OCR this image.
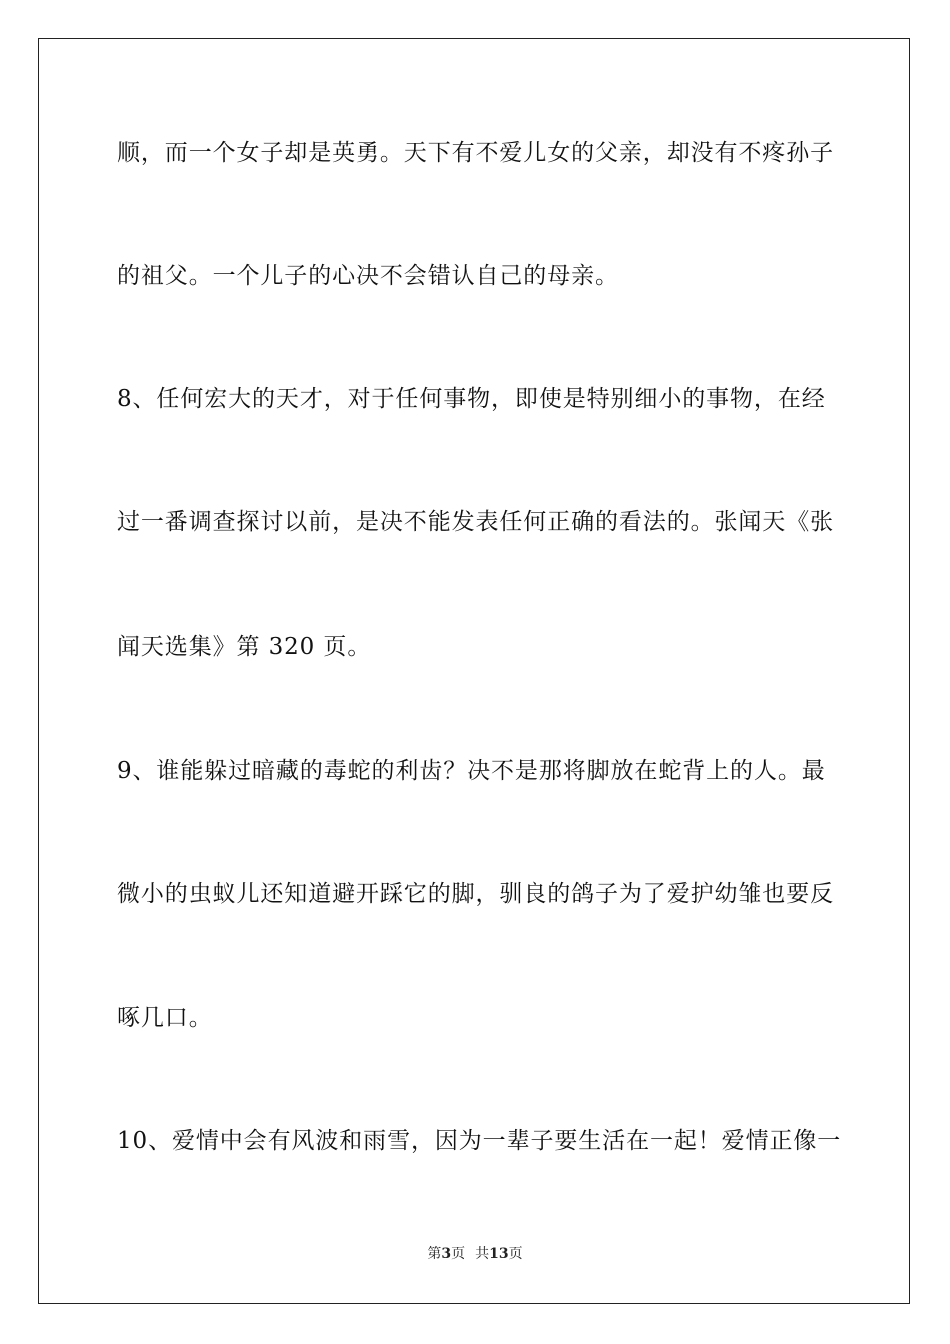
顺，而一个女子却是英勇。天下有不爱儿女的父亲，却没有不疼孙子
的祖父。一个儿子的心决不会错认自己的母亲。
8、任何宏大的天才，对于任何事物，即使是特别细小的事物，在经
过一番调查探讨以前，是决不能发表任何正确的看法的。张闻天《张
闻天选集》第 320 页。
9、谁能躲过暗藏的毒蛇的利齿？决不是那将脚放在蛇背上的人。最
微小的虫蚁儿还知道避开踩它的脚，驯良的鸽子为了爱护幼雏也要反
啄几口。
10、爱情中会有风波和雨雪，因为一辈子要生活在一起！爱情正像一
第3页 共13页
